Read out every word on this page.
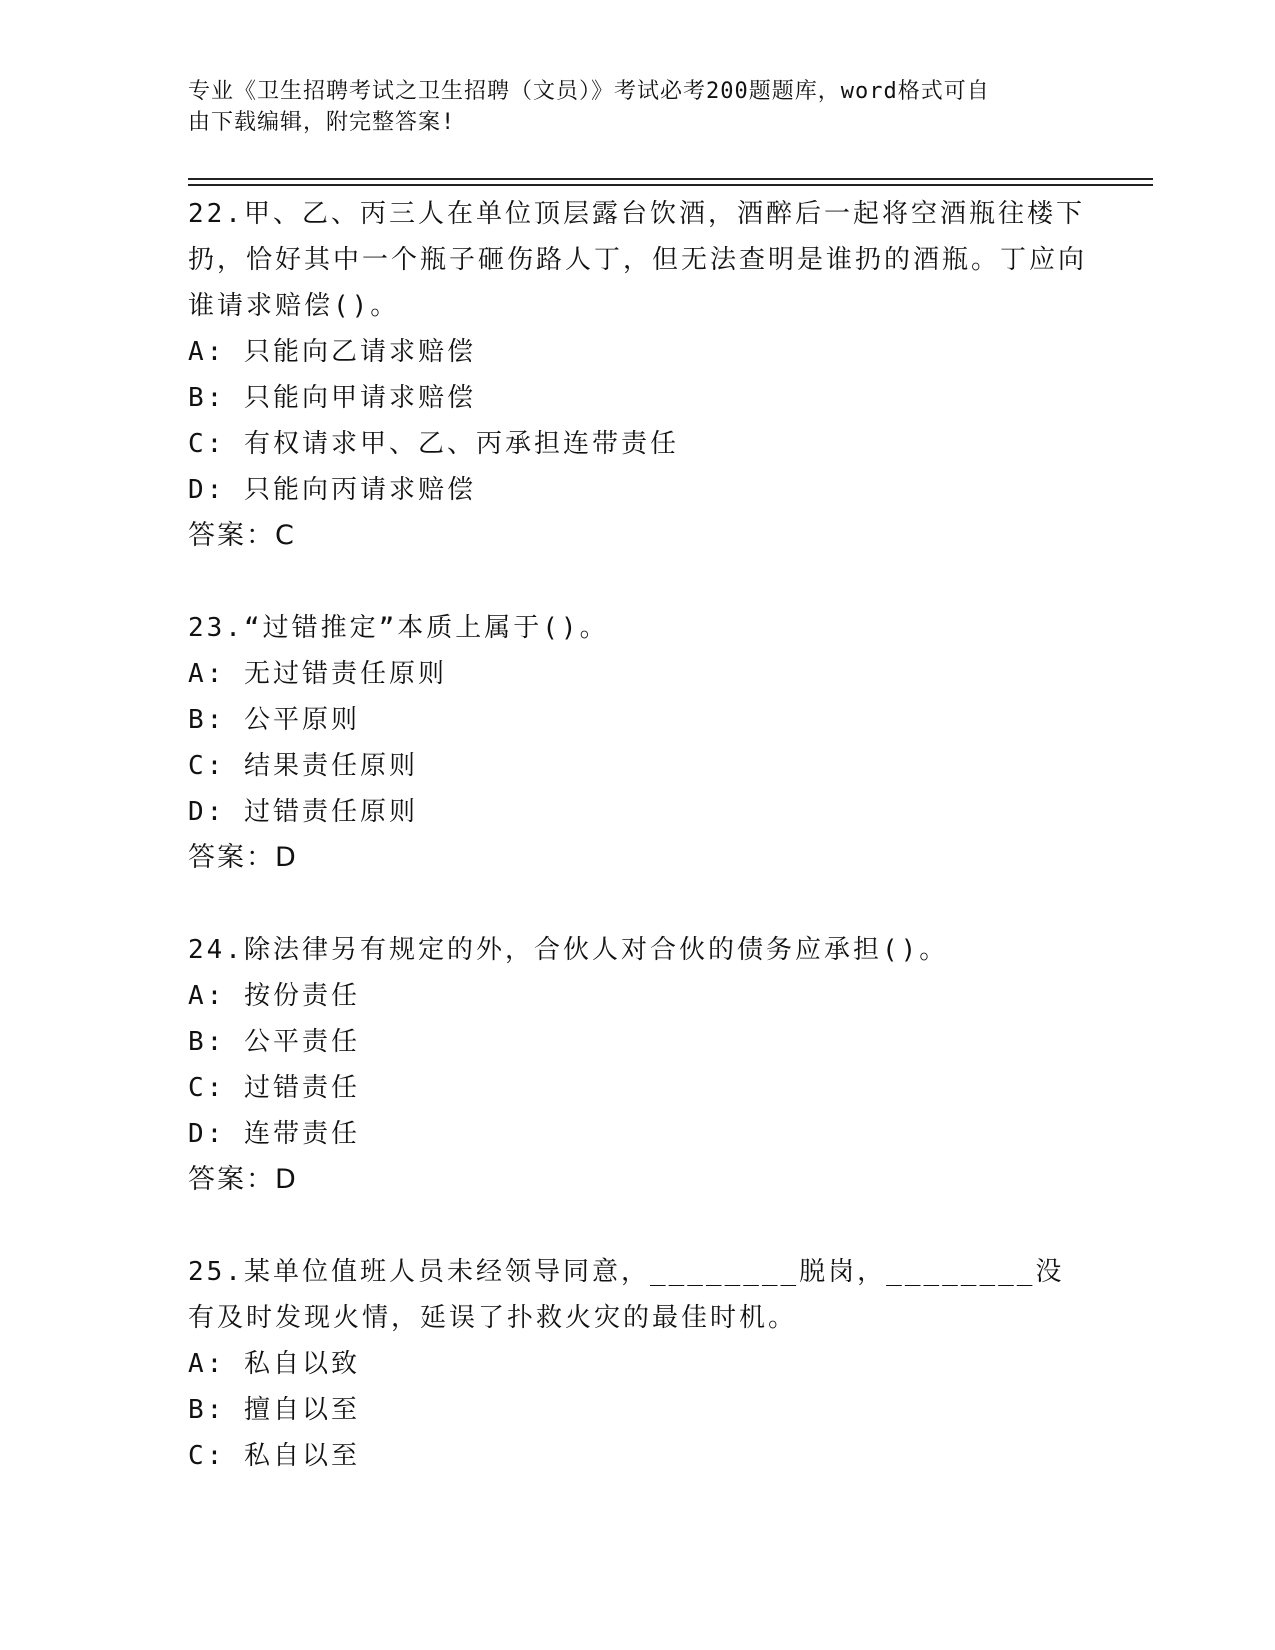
专业《卫生招聘考试之卫生招聘（文员）》考试必考200题题库，word格式可自
由下载编辑，附完整答案!
22.甲、乙、丙三人在单位顶层露台饮酒，酒醉后一起将空酒瓶往楼下扔，恰好其中一个瓶子砸伤路人丁，但无法查明是谁扔的酒瓶。丁应向谁请求赔偿()。
A: 只能向乙请求赔偿
B: 只能向甲请求赔偿
C: 有权请求甲、乙、丙承担连带责任
D: 只能向丙请求赔偿
答案：C
23.“过错推定”本质上属于()。
A: 无过错责任原则
B: 公平原则
C: 结果责任原则
D: 过错责任原则
答案：D
24.除法律另有规定的外，合伙人对合伙的债务应承担()。
A: 按份责任
B: 公平责任
C: 过错责任
D: 连带责任
答案：D
25.某单位值班人员未经领导同意，________脱岗，________没有及时发现火情，延误了扑救火灾的最佳时机。
A: 私自以致
B: 擅自以至
C: 私自以至
